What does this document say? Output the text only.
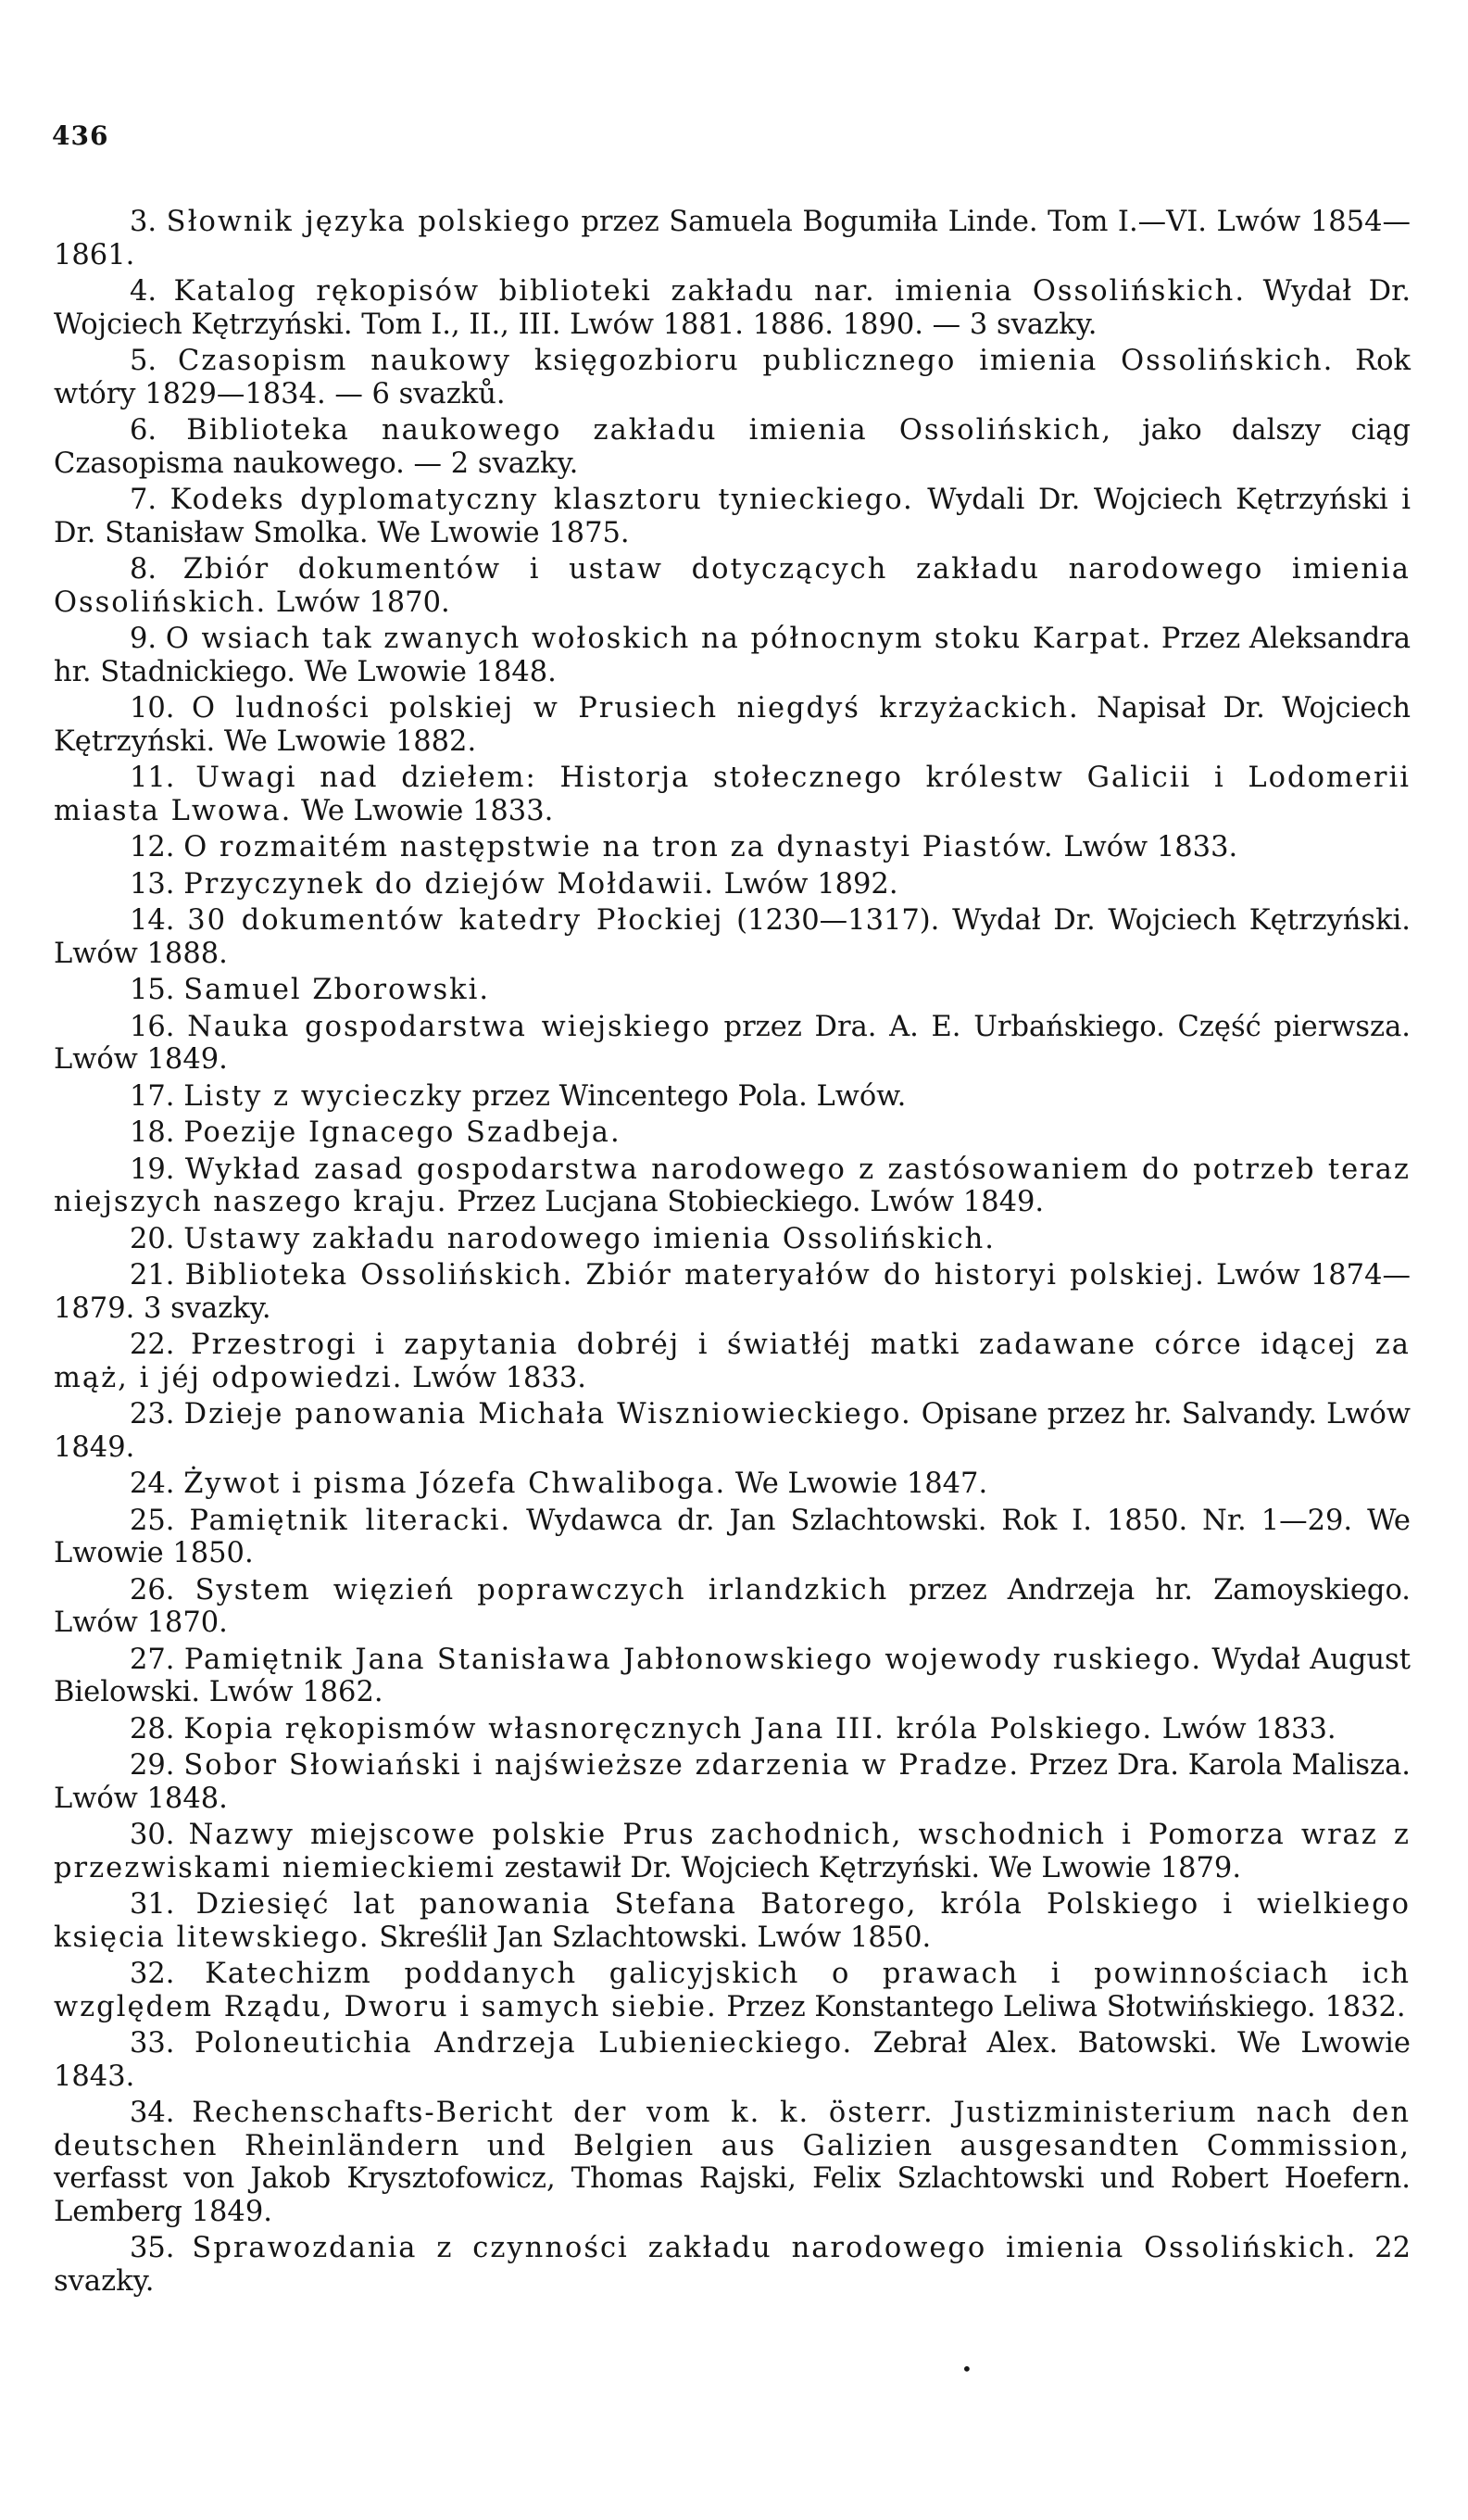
436

3. Słownik języka polskiego przez Samuela Bogumiła Linde. Tom I.—VI. Lwów 1854—1861.

4. Katalog rękopisów biblioteki zakładu nar. imienia Ossolińskich. Wydał Dr. Wojciech Kętrzyński. Tom I., II., III. Lwów 1881. 1886. 1890. — 3 svazky.

5. Czasopism naukowy księgozbioru publicznego imienia Ossolińskich. Rok wtóry 1829—1834. — 6 svazků.

6. Biblioteka naukowego zakładu imienia Ossolińskich, jako dalszy ciąg Czasopisma naukowego. — 2 svazky.

7. Kodeks dyplomatyczny klasztoru tynieckiego. Wydali Dr. Wojciech Kętrzyński i Dr. Stanisław Smolka. We Lwowie 1875.

8. Zbiór dokumentów i ustaw dotyczących zakładu narodowego imienia Ossolińskich. Lwów 1870.

9. O wsiach tak zwanych wołoskich na północnym stoku Karpat. Przez Aleksandra hr. Stadnickiego. We Lwowie 1848.

10. O ludności polskiej w Prusiech niegdyś krzyżackich. Napisał Dr. Wojciech Kętrzyński. We Lwowie 1882.

11. Uwagi nad dziełem: Historja stołecznego królestw Galicii i Lodomerii miasta Lwowa. We Lwowie 1833.

12. O rozmaitém następstwie na tron za dynastyi Piastów. Lwów 1833.

13. Przyczynek do dziejów Mołdawii. Lwów 1892.

14. 30 dokumentów katedry Płockiej (1230—1317). Wydał Dr. Wojciech Kętrzyński. Lwów 1888.

15. Samuel Zborowski.

16. Nauka gospodarstwa wiejskiego przez Dra. A. E. Urbańskiego. Część pierwsza. Lwów 1849.

17. Listy z wycieczky przez Wincentego Pola. Lwów.

18. Poezije Ignacego Szadbeja.

19. Wykład zasad gospodarstwa narodowego z zastósowaniem do potrzeb teraz niejszych naszego kraju. Przez Lucjana Stobieckiego. Lwów 1849.

20. Ustawy zakładu narodowego imienia Ossolińskich.

21. Biblioteka Ossolińskich. Zbiór materyałów do historyi polskiej. Lwów 1874—1879. 3 svazky.

22. Przestrogi i zapytania dobréj i światłéj matki zadawane córce idącej za mąż, i jéj odpowiedzi. Lwów 1833.

23. Dzieje panowania Michała Wiszniowieckiego. Opisane przez hr. Salvandy. Lwów 1849.

24. Żywot i pisma Józefa Chwaliboga. We Lwowie 1847.

25. Pamiętnik literacki. Wydawca dr. Jan Szlachtowski. Rok I. 1850. Nr. 1—29. We Lwowie 1850.

26. System więzień poprawczych irlandzkich przez Andrzeja hr. Zamoyskiego. Lwów 1870.

27. Pamiętnik Jana Stanisława Jabłonowskiego wojewody ruskiego. Wydał August Bielowski. Lwów 1862.

28. Kopia rękopismów własnoręcznych Jana III. króla Polskiego. Lwów 1833.

29. Sobor Słowiański i najświeższe zdarzenia w Pradze. Przez Dra. Karola Malisza. Lwów 1848.

30. Nazwy miejscowe polskie Prus zachodnich, wschodnich i Pomorza wraz z przezwiskami niemieckiemi zestawił Dr. Wojciech Kętrzyński. We Lwowie 1879.

31. Dziesięć lat panowania Stefana Batorego, króla Polskiego i wielkiego księcia litewskiego. Skreślił Jan Szlachtowski. Lwów 1850.

32. Katechizm poddanych galicyjskich o prawach i powinnościach ich względem Rządu, Dworu i samych siebie. Przez Konstantego Leliwa Słotwińskiego. 1832.

33. Poloneutichia Andrzeja Lubienieckiego. Zebrał Alex. Batowski. We Lwowie 1843.

34. Rechenschafts-Bericht der vom k. k. österr. Justizministerium nach den deutschen Rheinländern und Belgien aus Galizien ausgesandten Commission, verfasst von Jakob Krysztofowicz, Thomas Rajski, Felix Szlachtowski und Robert Hoefern. Lemberg 1849.

35. Sprawozdania z czynności zakładu narodowego imienia Ossolińskich. 22 svazky.

•
